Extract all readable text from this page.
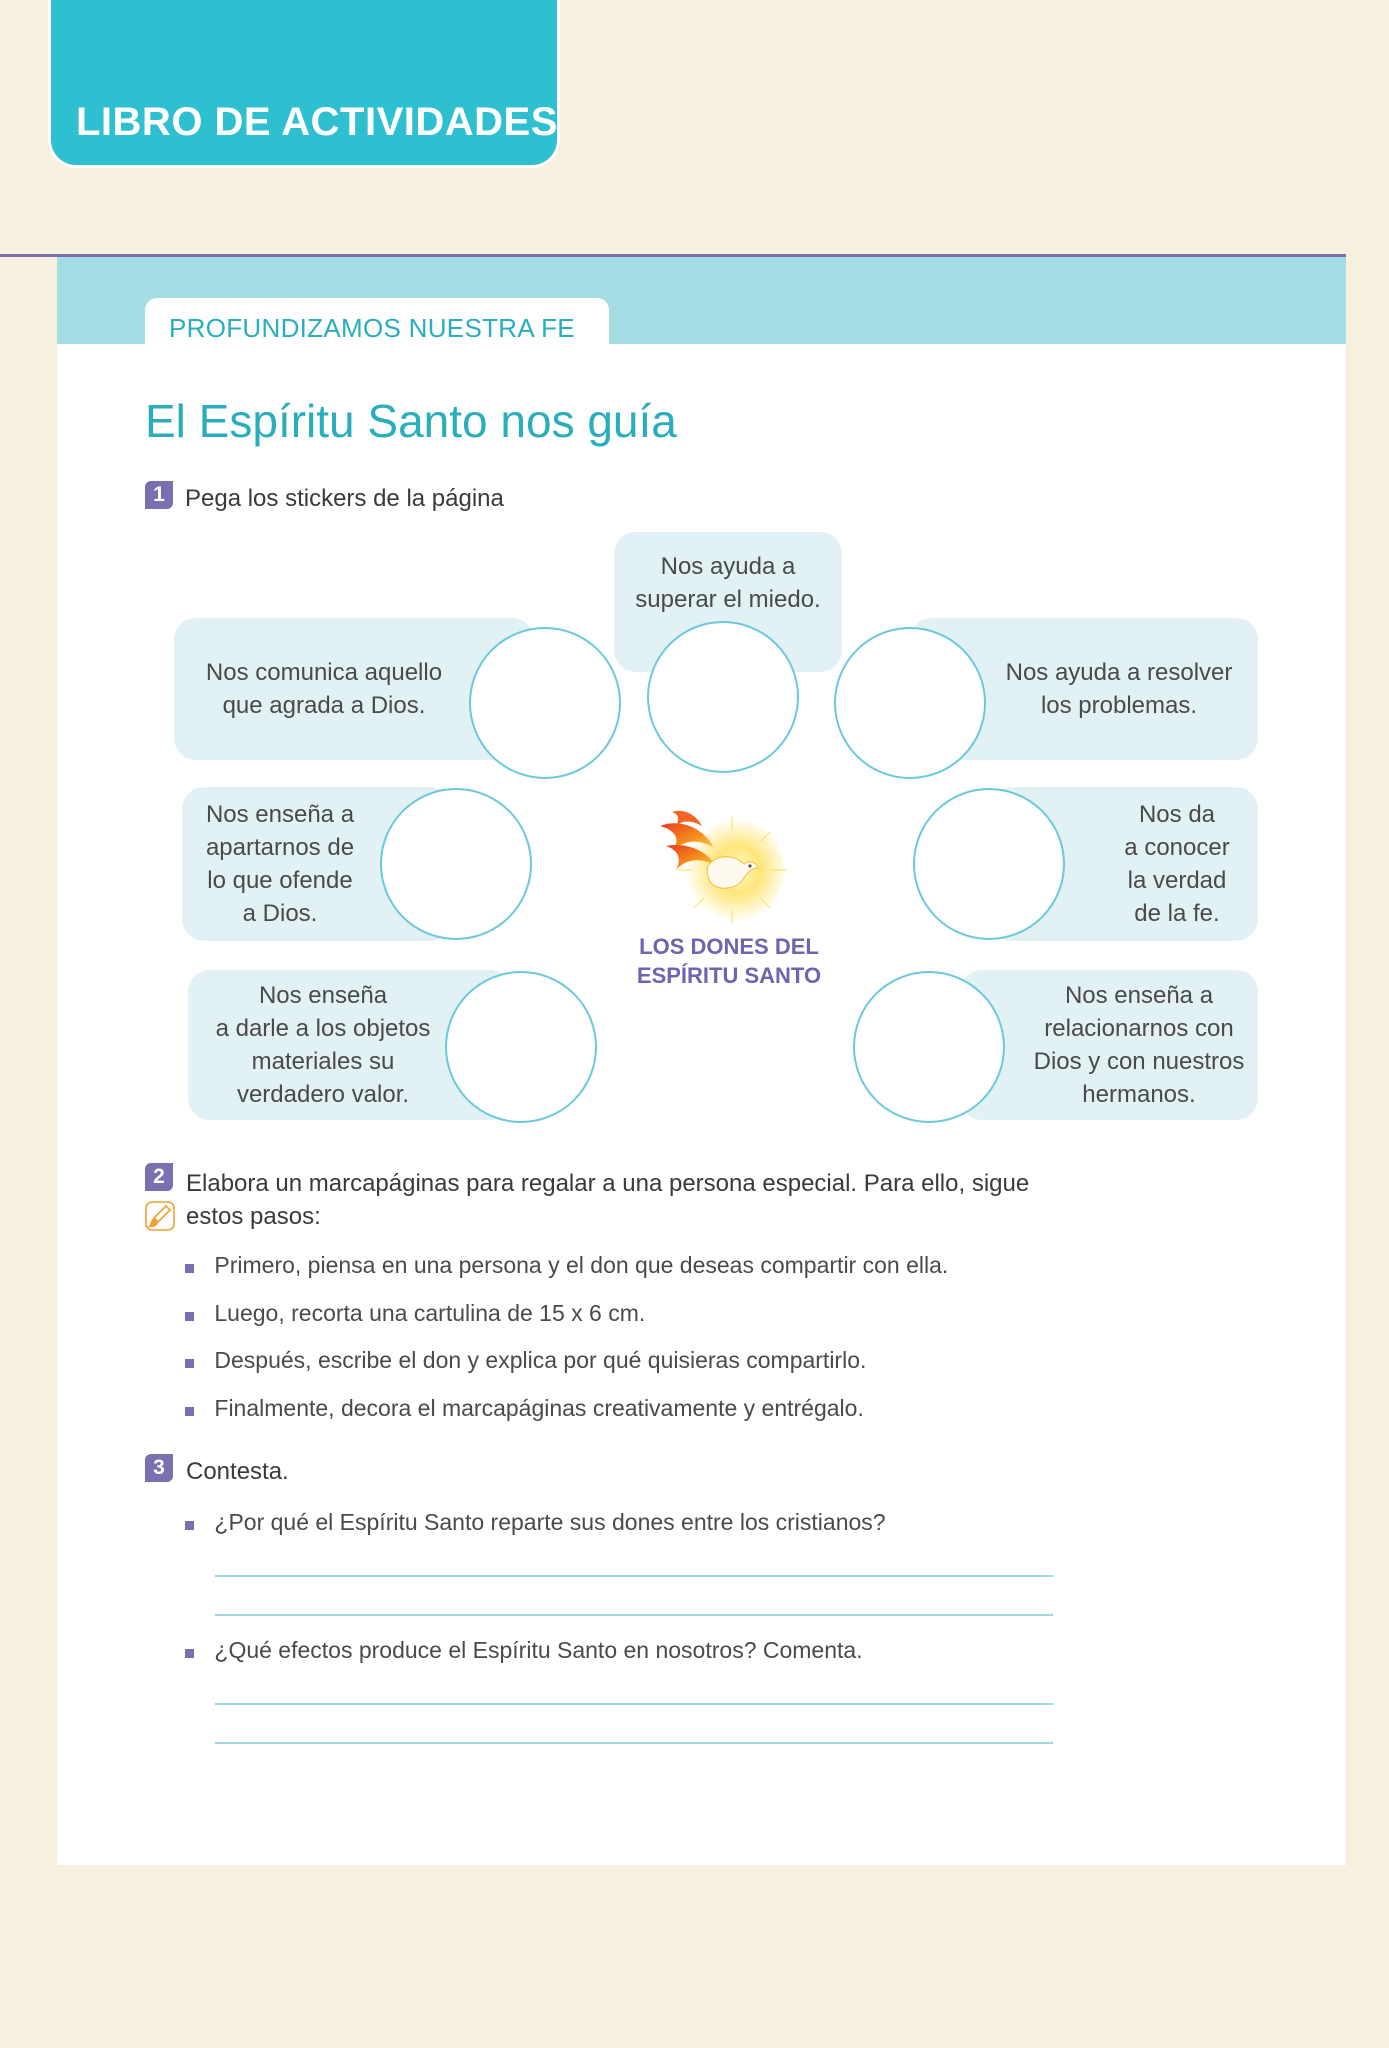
LIBRO DE ACTIVIDADES
PROFUNDIZAMOS NUESTRA FE
El Espíritu Santo nos guía
1 Pega los stickers de la página
Nos ayuda a
superar el miedo.
Nos comunica aquello
que agrada a Dios.
Nos ayuda a resolver
los problemas.
Nos enseña a
apartarnos de
lo que ofende
a Dios.
Nos da
a conocer
la verdad
de la fe.
Nos enseña
a darle a los objetos
materiales su
verdadero valor.
Nos enseña a
relacionarnos con
Dios y con nuestros
hermanos.
LOS DONES DEL
ESPÍRITU SANTO
2 Elabora un marcapáginas para regalar a una persona especial. Para ello, sigue
estos pasos:
Primero, piensa en una persona y el don que deseas compartir con ella.
Luego, recorta una cartulina de 15 x 6 cm.
Después, escribe el don y explica por qué quisieras compartirlo.
Finalmente, decora el marcapáginas creativamente y entrégalo.
3 Contesta.
¿Por qué el Espíritu Santo reparte sus dones entre los cristianos?
¿Qué efectos produce el Espíritu Santo en nosotros? Comenta.
